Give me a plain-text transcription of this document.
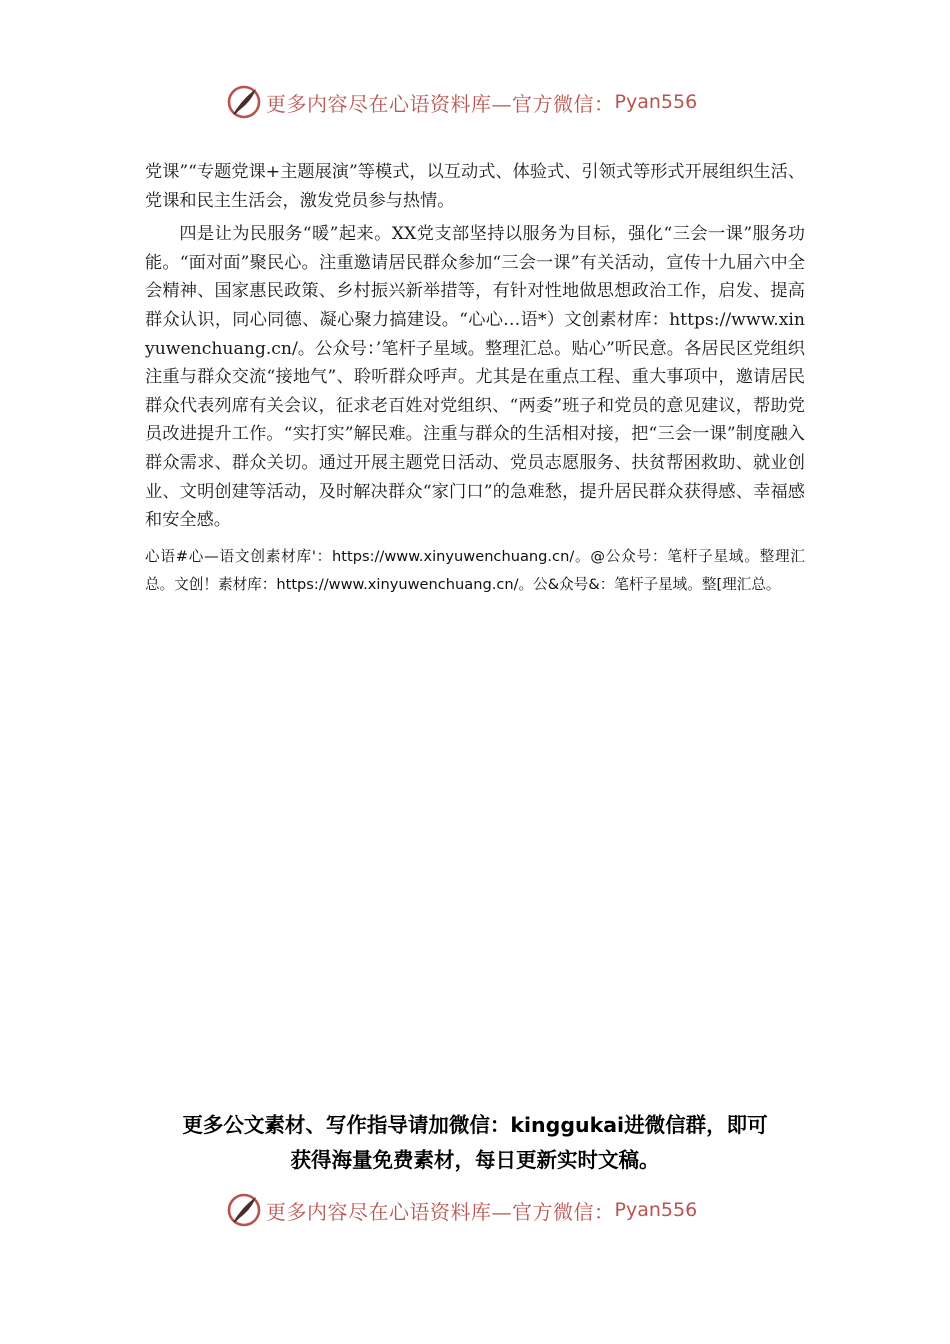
更多内容尽在心语资料库—官方微信： Pyan556

党课”“专题党课+主题展演”等模式，以互动式、体验式、引领式等形式开展组织生活、党课和民主生活会，激发党员参与热情。

四是让为民服务“暖”起来。XX党支部坚持以服务为目标，强化“三会一课”服务功能。“面对面”聚民心。注重邀请居民群众参加“三会一课”有关活动，宣传十九届六中全会精神、国家惠民政策、乡村振兴新举措等，有针对性地做思想政治工作，启发、提高群众认识，同心同德、凝心聚力搞建设。“心心…语*）文创素材库：https://www.xinyuwenchuang.cn/。公众号：’笔杆子星域。整理汇总。贴心”听民意。各居民区党组织注重与群众交流“接地气”、聆听群众呼声。尤其是在重点工程、重大事项中，邀请居民群众代表列席有关会议，征求老百姓对党组织、“两委”班子和党员的意见建议，帮助党员改进提升工作。“实打实”解民难。注重与群众的生活相对接，把“三会一课”制度融入群众需求、群众关切。通过开展主题党日活动、党员志愿服务、扶贫帮困救助、就业创业、文明创建等活动，及时解决群众“家门口”的急难愁，提升居民群众获得感、幸福感和安全感。

心语#心—语文创素材库'：https://www.xinyuwenchuang.cn/。@公众号：笔杆子星域。整理汇总。文创！素材库：https://www.xinyuwenchuang.cn/。公&众号&：笔杆子星域。整[理汇总。

更多公文素材、写作指导请加微信：kinggukai进微信群，即可
获得海量免费素材，每日更新实时文稿。
更多内容尽在心语资料库—官方微信： Pyan556
